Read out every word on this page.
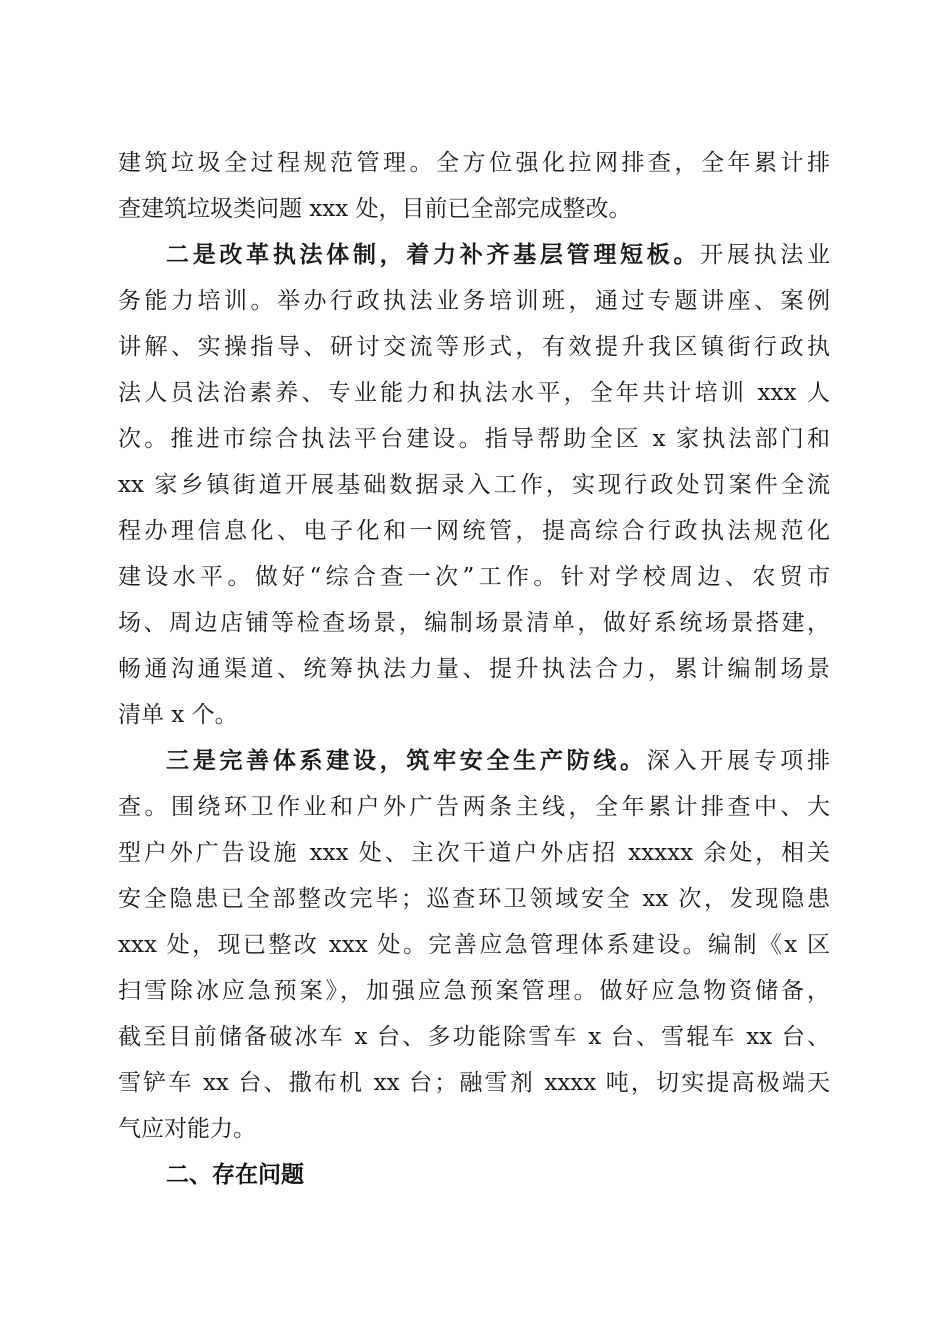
建筑垃圾全过程规范管理。全方位强化拉网排查，全年累计排
查建筑垃圾类问题 xxx 处，目前已全部完成整改。
二是改革执法体制，着力补齐基层管理短板。开展执法业
务能力培训。举办行政执法业务培训班，通过专题讲座、案例
讲解、实操指导、研讨交流等形式，有效提升我区镇街行政执
法人员法治素养、专业能力和执法水平，全年共计培训 xxx 人
次。推进市综合执法平台建设。指导帮助全区 x 家执法部门和
xx 家乡镇街道开展基础数据录入工作，实现行政处罚案件全流
程办理信息化、电子化和一网统管，提高综合行政执法规范化
建设水平。做好“综合查一次”工作。针对学校周边、农贸市
场、周边店铺等检查场景，编制场景清单，做好系统场景搭建，
畅通沟通渠道、统筹执法力量、提升执法合力，累计编制场景
清单 x 个。
三是完善体系建设，筑牢安全生产防线。深入开展专项排
查。围绕环卫作业和户外广告两条主线，全年累计排查中、大
型户外广告设施 xxx 处、主次干道户外店招 xxxxx 余处，相关
安全隐患已全部整改完毕；巡查环卫领域安全 xx 次，发现隐患
xxx 处，现已整改 xxx 处。完善应急管理体系建设。编制《x 区
扫雪除冰应急预案》，加强应急预案管理。做好应急物资储备，
截至目前储备破冰车 x 台、多功能除雪车 x 台、雪辊车 xx 台、
雪铲车 xx 台、撒布机 xx 台；融雪剂 xxxx 吨，切实提高极端天
气应对能力。
二、存在问题
